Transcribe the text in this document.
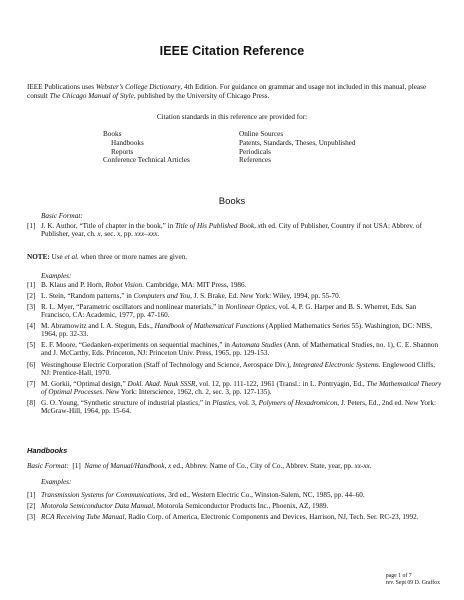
IEEE Citation Reference
IEEE Publications uses Webster’s College Dictionary, 4th Edition. For guidance on grammar and usage not included in this manual, please consult The Chicago Manual of Style, published by the University of Chicago Press.
Citation standards in this reference are provided for:
Books
Handbooks
Reports
Conference Technical Articles
Online Sources
Patents, Standards, Theses, Unpublished
Periodicals
References
Books
Basic Format:
[1] J. K. Author, “Title of chapter in the book,” in Title of His Published Book, xth ed. City of Publisher, Country if not USA: Abbrev. of Publisher, year, ch. x, sec. x, pp. xxx–xxx.
NOTE: Use et al. when three or more names are given.
Examples:
[1] B. Klaus and P. Horn, Robot Vision. Cambridge, MA: MIT Press, 1986.
[2] L. Stein, “Random patterns,” in Computers and You, J. S. Brake, Ed. New York: Wiley, 1994, pp. 55-70.
[3] R. L. Myer, “Parametric oscillators and nonlinear materials,” in Nonlinear Optics, vol. 4, P. G. Harper and B. S. Wherret, Eds. San Francisco, CA: Academic, 1977, pp. 47-160.
[4] M. Abramowitz and I. A. Stegun, Eds., Handbook of Mathematical Functions (Applied Mathematics Series 55). Washington, DC: NBS, 1964, pp. 32-33.
[5] E. F. Moore, “Gedanken-experiments on sequential machines,” in Automata Studies (Ann. of Mathematical Studies, no. 1), C. E. Shannon and J. McCarthy, Eds. Princeton, NJ: Princeton Univ. Press, 1965, pp. 129-153.
[6] Westinghouse Electric Corporation (Staff of Technology and Science, Aerospace Div.), Integrated Electronic Systems. Englewood Cliffs, NJ: Prentice-Hall, 1970.
[7] M. Gorkii, “Optimal design,” Dokl. Akad. Nauk SSSR, vol. 12, pp. 111-122, 1961 (Transl.: in L. Pontryagin, Ed., The Mathematical Theory of Optimal Processes. New York: Interscience, 1962, ch. 2, sec. 3, pp. 127-135).
[8] G. O. Young, “Synthetic structure of industrial plastics,” in Plastics, vol. 3, Polymers of Hexadromicon, J. Peters, Ed., 2nd ed. New York: McGraw-Hill, 1964, pp. 15-64.
Handbooks
Basic Format: [1] Name of Manual/Handbook, x ed., Abbrev. Name of Co., City of Co., Abbrev. State, year, pp. xx-xx.
Examples:
[1] Transmission Systems for Communications, 3rd ed., Western Electric Co., Winston-Salem, NC, 1985, pp. 44–60.
[2] Motorola Semiconductor Data Manual, Motorola Semiconductor Products Inc., Phoenix, AZ, 1989.
[3] RCA Receiving Tube Manual, Radio Corp. of America, Electronic Components and Devices, Harrison, NJ, Tech. Ser. RC-23, 1992.
page 1 of 7
rev. Sept 09 D. Graffox
